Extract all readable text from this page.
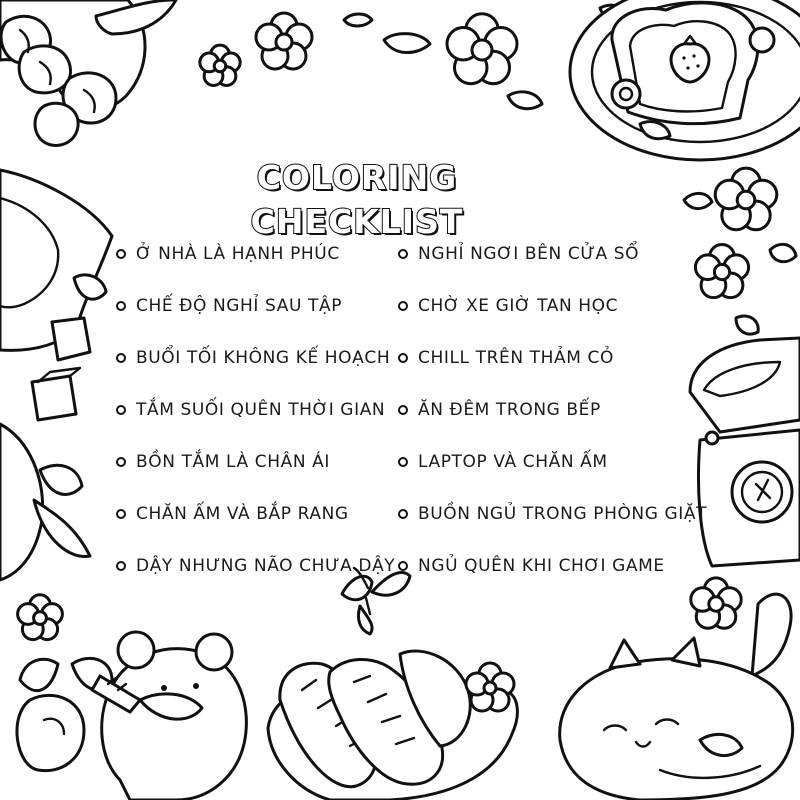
COLORING CHECKLIST
Ở NHÀ LÀ HẠNH PHÚC
CHẾ ĐỘ NGHỈ SAU TẬP
BUỔI TỐI KHÔNG KẾ HOẠCH
TẮM SUỐI QUÊN THỜI GIAN
BỒN TẮM LÀ CHÂN ÁI
CHĂN ẤM VÀ BẮP RANG
DẬY NHƯNG NÃO CHƯA DẬY
NGHỈ NGƠI BÊN CỬA SỔ
CHỜ XE GIỜ TAN HỌC
CHILL TRÊN THẢM CỎ
ĂN ĐÊM TRONG BẾP
LAPTOP VÀ CHĂN ẤM
BUỒN NGỦ TRONG PHÒNG GIẶT
NGỦ QUÊN KHI CHƠI GAME
